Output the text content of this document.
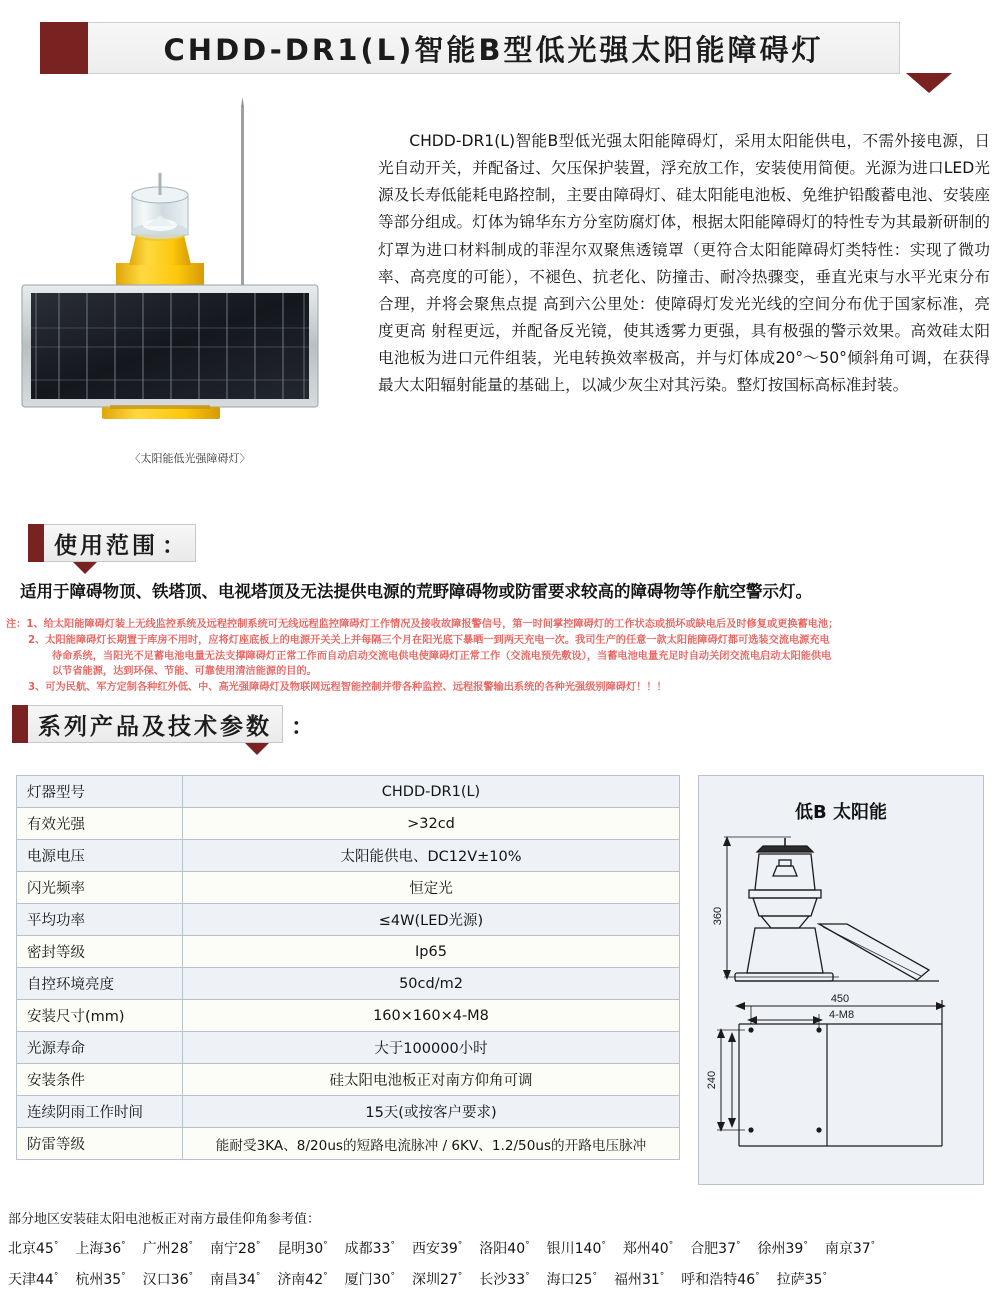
CHDD-DR1(L)智能B型低光强太阳能障碍灯
〈太阳能低光强障碍灯〉
CHDD-DR1(L)智能B型低光强太阳能障碍灯，采用太阳能供电，不需外接电源，日光自动开关，并配备过、欠压保护装置，浮充放工作，安装使用简便。光源为进口LED光源及长寿低能耗电路控制，主要由障碍灯、硅太阳能电池板、免维护铅酸蓄电池、安装座等部分组成。灯体为锦华东方分室防腐灯体，根据太阳能障碍灯的特性专为其最新研制的灯罩为进口材料制成的菲涅尔双聚焦透镜罩（更符合太阳能障碍灯类特性：实现了微功率、高亮度的可能），不褪色、抗老化、防撞击、耐冷热骤变，垂直光束与水平光束分布合理，并将会聚焦点提 高到六公里处：使障碍灯发光光线的空间分布优于国家标准，亮度更高 射程更远，并配备反光镜，使其透雾力更强，具有极强的警示效果。高效硅太阳电池板为进口元件组装，光电转换效率极高，并与灯体成20°～50°倾斜角可调，在获得最大太阳辐射能量的基础上，以减少灰尘对其污染。整灯按国标高标准封装。
使用范围 ：
适用于障碍物顶、铁塔顶、电视塔顶及无法提供电源的荒野障碍物或防雷要求较高的障碍物等作航空警示灯。
注： 1、 给太阳能障碍灯装上无线监控系统及远程控制系统可无线远程监控障碍灯工作情况及接收故障报警信号，第一时间掌控障碍灯的工作状态或损坏或缺电后及时修复或更换蓄电池；
2、 太阳能障碍灯长期置于库房不用时，应将灯座底板上的电源开关关上并每隔三个月在阳光底下暴晒一到两天充电一次。我司生产的任意一款太阳能障碍灯都可选装交流电源充电
待命系统，当阳光不足蓄电池电量无法支撑障碍灯正常工作而自动启动交流电供电使障碍灯正常工作（交流电预先敷设），当蓄电池电量充足时自动关闭交流电启动太阳能供电
以节省能源，达到环保、节能、可靠使用清洁能源的目的。
3、 可为民航、军方定制各种红外低、中、高光强障碍灯及物联网远程智能控制并带各种监控、远程报警输出系统的各种光强级别障碍灯！！！
系列产品及技术参数 ：
灯器型号	CHDD-DR1(L)
有效光强	>32cd
电源电压	太阳能供电、DC12V±10%
闪光频率	恒定光
平均功率	≤4W(LED光源)
密封等级	Ip65
自控环境亮度	50cd/m2
安装尺寸(mm)	160×160×4-M8
光源寿命	大于100000小时
安装条件	硅太阳电池板正对南方仰角可调
连续阴雨工作时间	15天(或按客户要求)
防雷等级	能耐受3KA、8/20us的短路电流脉冲 / 6KV、1.2/50us的开路电压脉冲
低B 太阳能
360
450
4-M8
240
部分地区安装硅太阳电池板正对南方最佳仰角参考值：
北京45° 上海36° 广州28° 南宁28° 昆明30° 成都33° 西安39° 洛阳40° 银川140° 郑州40° 合肥37° 徐州39° 南京37°
天津44° 杭州35° 汉口36° 南昌34° 济南42° 厦门30° 深圳27° 长沙33° 海口25° 福州31° 呼和浩特46° 拉萨35°
